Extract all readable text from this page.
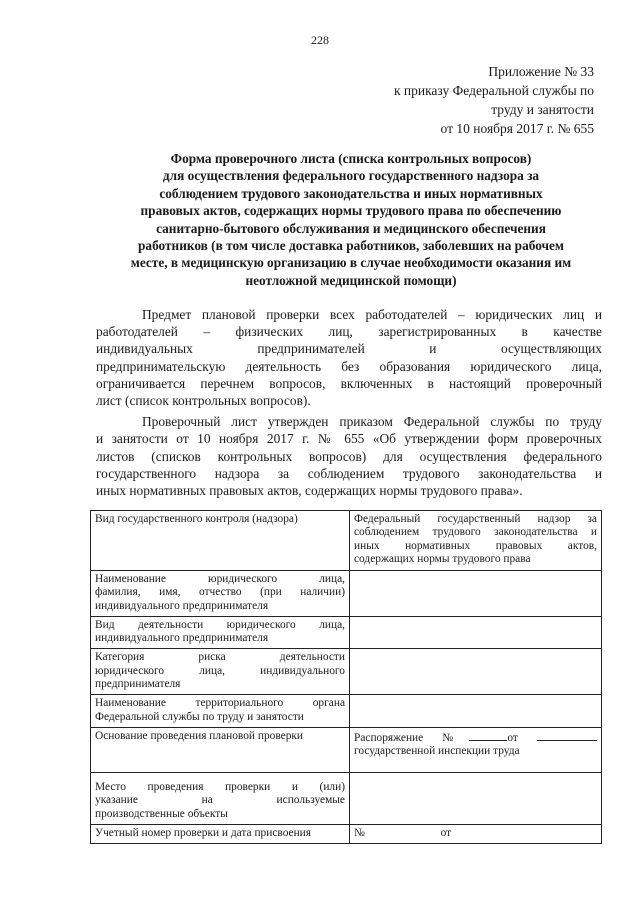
228
Приложение № 33
к приказу Федеральной службы по
труду и занятости
от 10 ноября 2017 г. № 655
Форма проверочного листа (списка контрольных вопросов)
для осуществления федерального государственного надзора за
соблюдением трудового законодательства и иных нормативных
правовых актов, содержащих нормы трудового права по обеспечению
санитарно-бытового обслуживания и медицинского обеспечения
работников (в том числе доставка работников, заболевших на рабочем
месте, в медицинскую организацию в случае необходимости оказания им
неотложной медицинской помощи)
Предмет плановой проверки всех работодателей – юридических лиц и
работодателей – физических лиц, зарегистрированных в качестве
индивидуальных предпринимателей и осуществляющих
предпринимательскую деятельность без образования юридического лица,
ограничивается перечнем вопросов, включенных в настоящий проверочный
лист (список контрольных вопросов).
Проверочный лист утвержден приказом Федеральной службы по труду
и занятости от 10 ноября 2017 г. № 655 «Об утверждении форм проверочных
листов (списков контрольных вопросов) для осуществления федерального
государственного надзора за соблюдением трудового законодательства и
иных нормативных правовых актов, содержащих нормы трудового права».
Вид государственного контроля (надзора)	Федеральный государственный надзор за
соблюдением трудового законодательства и
иных нормативных правовых актов,
содержащих нормы трудового права

Наименование юридического лица,
фамилия, имя, отчество (при наличии)
индивидуального предпринимателя	

Вид деятельности юридического лица,
индивидуального предпринимателя	

Категория риска деятельности
юридического лица, индивидуального
предпринимателя	

Наименование территориального органа
Федеральной службы по труду и занятости	

Основание проведения плановой проверки	Распоряжение № от
государственной инспекции труда

Место проведения проверки и (или)
указание на используемые
производственные объекты	

Учетный номер проверки и дата присвоения	№ от
